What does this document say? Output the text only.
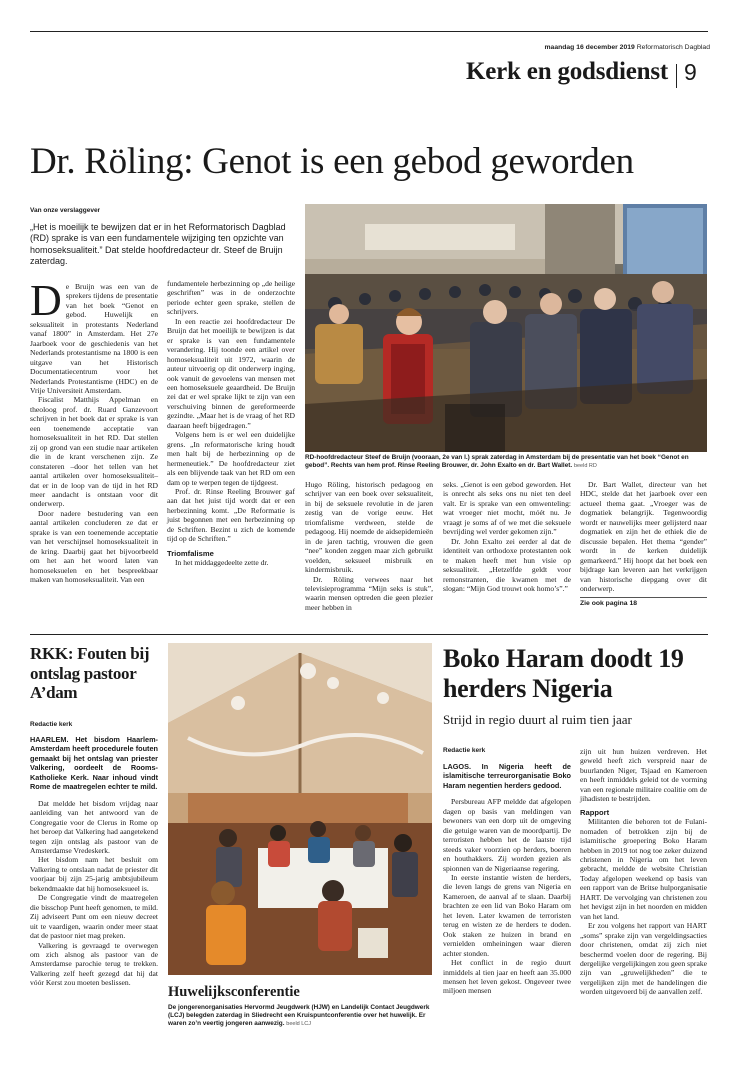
maandag 16 december 2019 Reformatorisch Dagblad
Kerk en godsdienst 9
Dr. Röling: Genot is een gebod geworden
Van onze verslaggever
„Het is moeilijk te bewijzen dat er in het Reformatorisch Dagblad (RD) sprake is van een fundamentele wijziging ten opzichte van homoseksualiteit.” Dat stelde hoofdredacteur dr. Steef de Bruijn zaterdag.
D e Bruijn was een van de sprekers tijdens de presentatie van het boek “Genot en gebod. Huwelijk en seksualiteit in protestants Nederland vanaf 1800” in Amsterdam. Het 27e Jaarboek voor de geschiedenis van het Nederlands protestantisme na 1800 is een uitgave van het Historisch Documentatiecentrum voor het Nederlands Protestantisme (HDC) en de Vrije Universiteit Amsterdam.

Fiscalist Matthijs Appelman en theoloog prof. dr. Ruard Ganzevoort schrijven in het boek dat er sprake is van een toenemende acceptatie van homoseksualiteit in het RD. Dat stellen zij op grond van een studie naar artikelen die in de krant verschenen zijn. Ze constateren –door het tellen van het aantal artikelen over homoseksualiteit– dat er in de loop van de tijd in het RD meer aandacht is ontstaan voor dit onderwerp.

Door nadere bestudering van een aantal artikelen concluderen ze dat er sprake is van een toenemende acceptatie van het verschijnsel homoseksualiteit in de kring. Daarbij gaat het bijvoorbeeld om het aan het woord laten van homoseksuelen en het bespreekbaar maken van homoseksualiteit. Van een

fundamentele herbezinning op „de heilige geschriften” was in de onderzochte periode echter geen sprake, stellen de schrijvers.

In een reactie zei hoofdredacteur De Bruijn dat het moeilijk te bewijzen is dat er sprake is van een fundamentele verandering. Hij toonde een artikel over homoseksualiteit uit 1972, waarin de auteur uitvoerig op dit onderwerp inging, ook vanuit de gevoelens van mensen met een homoseksuele geaardheid. De Bruijn zei dat er wel sprake lijkt te zijn van een verschuiving binnen de gereformeerde gezindte. „Maar het is de vraag of het RD daaraan heeft bijgedragen.”

Volgens hem is er wel een duidelijke grens. „In reformatorische kring houdt men halt bij de herbezinning op de hermeneutiek.” De hoofdredacteur ziet als een blijvende taak van het RD om een dam op te werpen tegen de tijdgeest.

Prof. dr. Rinse Reeling Brouwer gaf aan dat het juist tijd wordt dat er een herbezinning komt. „De Reformatie is juist begonnen met een herbezinning op de Schriften. Bezint u zich de komende tijd op de Schriften.”

Triomfalisme

In het middaggedeelte zette dr.

RD-hoofdredacteur Steef de Bruijn (vooraan, 2e van l.) sprak zaterdag in Amsterdam bij de presentatie van het boek “Genot en gebod”. Rechts van hem prof. Rinse Reeling Brouwer, dr. John Exalto en dr. Bart Wallet. beeld RD

Hugo Röling, historisch pedagoog en schrijver van een boek over seksualiteit, in bij de seksuele revolutie in de jaren zestig van de vorige eeuw. Het triomfalisme verdween, stelde de pedagoog. Hij noemde de aidsepidemieën in de jaren tachtig, vrouwen die geen “nee” konden zeggen maar zich gebruikt voelden, seksueel misbruik en kindermisbruik.

Dr. Röling verwees naar het televisieprogramma “Mijn seks is stuk”, waarin mensen optreden die geen plezier meer hebben in

seks. „Genot is een gebod geworden. Het is onrecht als seks ons nu niet ten deel valt. Er is sprake van een omwenteling: wat vroeger niet mocht, móét nu. Je vraagt je soms af of we met die seksuele bevrijding wel verder gekomen zijn.”

Dr. John Exalto zei eerder al dat de identiteit van orthodoxe protestanten ook te maken heeft met hun visie op seksualiteit. „Hetzelfde geldt voor remonstranten, die kwamen met de slogan: “Mijn God trouwt ook homo’s”.”

Dr. Bart Wallet, directeur van het HDC, stelde dat het jaarboek over een actueel thema gaat. „Vroeger was de dogmatiek belangrijk. Tegenwoordig wordt er nauwelijks meer gelijsterd naar dogmatiek en zijn het de ethiek die de discussie bepalen. Het thema “gender” wordt in de kerken duidelijk gemarkeerd.” Hij hoopt dat het boek een bijdrage kan leveren aan het verkrijgen van historische diepgang over dit onderwerp.

Zie ook pagina 18
RKK: Fouten bij ontslag pastoor A’dam
Redactie kerk

HAARLEM. Het bisdom Haarlem-Amsterdam heeft procedurele fouten gemaakt bij het ontslag van priester Valkering, oordeelt de Rooms-Katholieke Kerk. Naar inhoud vindt Rome de maatregelen echter te mild.

Dat meldde het bisdom vrijdag naar aanleiding van het antwoord van de Congregatie voor de Clerus in Rome op het beroep dat Valkering had aangetekend tegen zijn ontslag als pastoor van de Amsterdamse Vredeskerk.

Het bisdom nam het besluit om Valkering te ontslaan nadat de priester dit voorjaar bij zijn 25-jarig ambtsjubileum bekendmaakte dat hij homoseksueel is.

De Congregatie vindt de maatregelen die bisschop Punt heeft genomen, te mild. Zij adviseert Punt om een nieuw decreet uit te vaardigen, waarin onder meer staat dat de pastoor niet mag preken.

Valkering is gevraagd te overwegen om zich alsnog als pastoor van de Amsterdamse parochie terug te trekken. Valkering zelf heeft gezegd dat hij dat vóór Kerst zou moeten beslissen.

Huwelijksconferentie
De jongerenorganisaties Hervormd Jeugdwerk (HJW) en Landelijk Contact Jeugdwerk (LCJ) belegden zaterdag in Sliedrecht een Kruispuntconferentie over het huwelijk. Er waren zo’n veertig jongeren aanwezig. beeld LCJ
Boko Haram doodt 19 herders Nigeria
Strijd in regio duurt al ruim tien jaar
Redactie kerk

LAGOS. In Nigeria heeft de islamitische terreurorganisatie Boko Haram negentien herders gedood.

Persbureau AFP meldde dat afgelopen dagen op basis van meldingen van bewoners van een dorp uit de omgeving die getuige waren van de moordpartij. De terroristen hebben het de laatste tijd steeds vaker voorzien op herders, boeren en houthakkers. Zij worden gezien als spionnen van de Nigeriaanse regering.

In eerste instantie wisten de herders, die leven langs de grens van Nigeria en Kameroen, de aanval af te slaan. Daarbij brachten ze een lid van Boko Haram om het leven. Later kwamen de terroristen terug en wisten ze de herders te doden. Ook staken ze huizen in brand en vernielden omheiningen waar dieren achter stonden.

Het conflict in de regio duurt inmiddels al tien jaar en heeft aan 35.000 mensen het leven gekost. Ongeveer twee miljoen mensen

zijn uit hun huizen verdreven. Het geweld heeft zich verspreid naar de buurlanden Niger, Tsjaad en Kameroen en heeft inmiddels geleid tot de vorming van een regionale militaire coalitie om de jihadisten te bestrijden.

Rapport

Militanten die behoren tot de Fulani-nomaden of betrokken zijn bij de islamitische groepering Boko Haram hebben in 2019 tot nog toe zeker duizend christenen in Nigeria om het leven gebracht, meldde de website Christian Today afgelopen weekend op basis van een rapport van de Britse hulporganisatie HART. De vervolging van christenen zou het hevigst zijn in het noorden en midden van het land.

Er zou volgens het rapport van HART „soms” sprake zijn van vergeldingsacties door christenen, omdat zij zich niet beschermd voelen door de regering. Bij dergelijke vergelijkingen zou geen sprake zijn van „gruwelijkheden” die te vergelijken zijn met de handelingen die worden uitgevoerd bij de aanvallen zelf.
